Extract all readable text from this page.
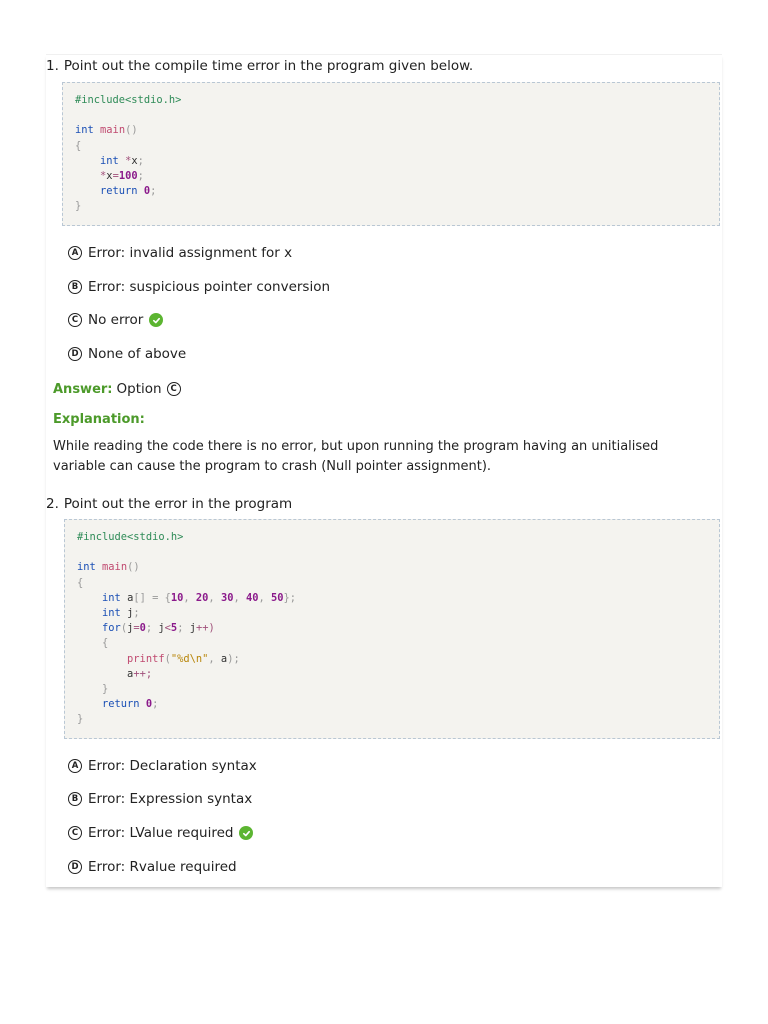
1. Point out the compile time error in the program given below.
#include<stdio.h>
int main()
{
int *x;
*x=100;
return 0;
}
A Error: invalid assignment for x
B Error: suspicious pointer conversion
C No error
D None of above
Answer: Option	C
Explanation:
While reading the code there is no error, but upon running the program having an unitialised variable can cause the program to crash (Null pointer assignment).
2. Point out the error in the program
#include<stdio.h>
int main()
{
int a[] = {10, 20, 30, 40, 50};
int j;
for(j=0; j<5; j++)
{
printf("%d\n", a);
a++;
}
return 0;
}
A Error: Declaration syntax
B Error: Expression syntax
C Error: LValue required
D Error: Rvalue required
